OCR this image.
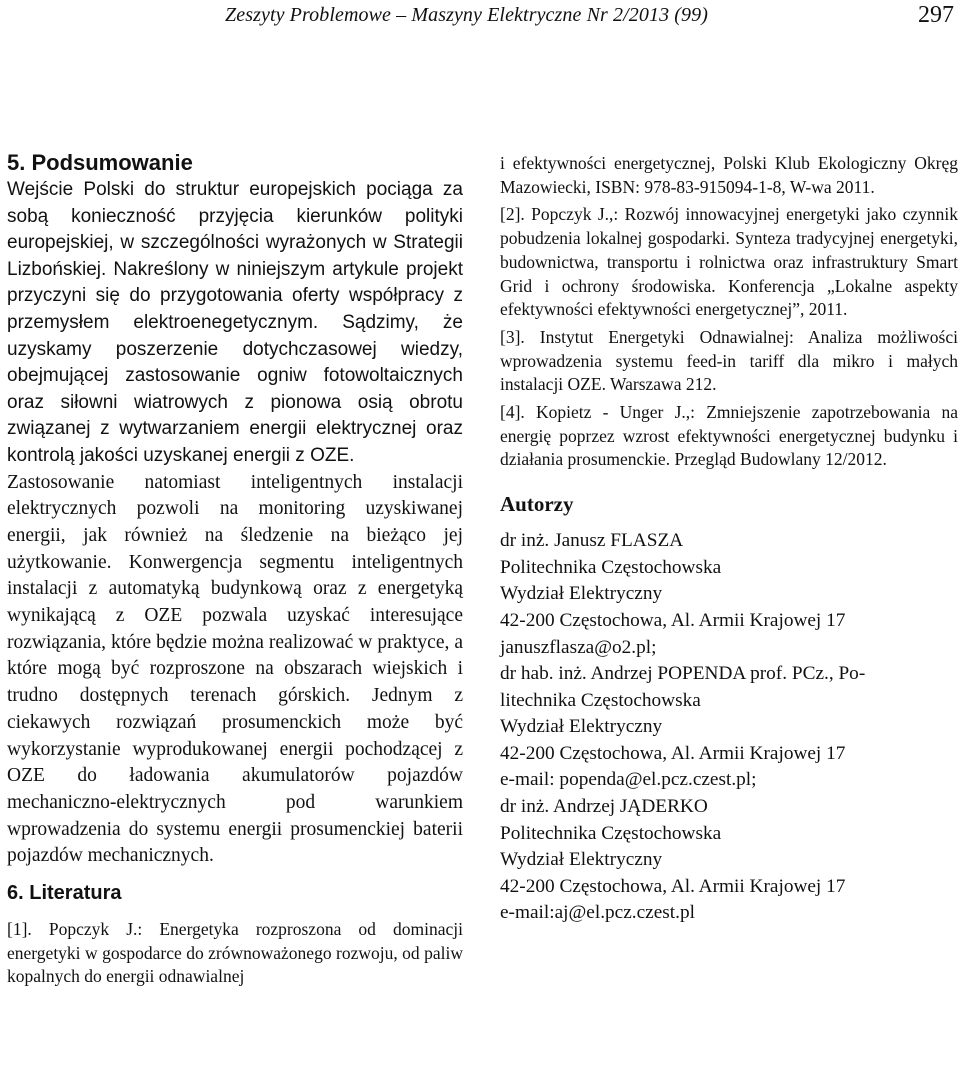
Zeszyty Problemowe – Maszyny Elektryczne Nr 2/2013 (99)	297
5. Podsumowanie

Wejście Polski do struktur europejskich pociąga za sobą konieczność przyjęcia kierunków polityki europejskiej, w szczególności wyrażonych w Strategii Lizbońskiej. Nakreślony w niniejszym artykule projekt przyczyni się do przygotowania oferty współpracy z przemysłem elektroenegetycznym. Sądzimy, że uzyskamy poszerzenie dotychczasowej wiedzy, obejmującej zastosowanie ogniw fotowoltaicznych oraz siłowni wiatrowych z pionowa osią obrotu związanej z wytwarzaniem energii elektrycznej oraz kontrolą jakości uzyskanej energii z OZE.

Zastosowanie natomiast inteligentnych instalacji elektrycznych pozwoli na monitoring uzyskiwanej energii, jak również na śledzenie na bieżąco jej użytkowanie. Konwergencja segmentu inteligentnych instalacji z automatyką budynkową oraz z energetyką wynikającą z OZE pozwala uzyskać interesujące rozwiązania, które będzie można realizować w praktyce, a które mogą być rozproszone na obszarach wiejskich i trudno dostępnych terenach górskich. Jednym z ciekawych rozwiązań prosumenckich może być wykorzystanie wyprodukowanej energii pochodzącej z OZE do ładowania akumulatorów pojazdów mechaniczno-elektrycznych pod warunkiem wprowadzenia do systemu energii prosumenckiej baterii pojazdów mechanicznych.

6. Literatura

[1]. Popczyk J.: Energetyka rozproszona od dominacji energetyki w gospodarce do zrównoważonego rozwoju, od paliw kopalnych do energii odnawialnej

i efektywności energetycznej, Polski Klub Ekologiczny Okręg Mazowiecki, ISBN: 978-83-915094-1-8, W-wa 2011.

[2]. Popczyk J.,: Rozwój innowacyjnej energetyki jako czynnik pobudzenia lokalnej gospodarki. Synteza tradycyjnej energetyki, budownictwa, transportu i rolnictwa oraz infrastruktury Smart Grid i ochrony środowiska. Konferencja „Lokalne aspekty efektywności efektywności energetycznej”, 2011.

[3]. Instytut Energetyki Odnawialnej: Analiza możliwości wprowadzenia systemu feed-in tariff dla mikro i małych instalacji OZE. Warszawa 212.

[4]. Kopietz - Unger J.,: Zmniejszenie zapotrzebowania na energię poprzez wzrost efektywności energetycznej budynku i działania prosumenckie. Przegląd Budowlany 12/2012.

Autorzy
dr inż. Janusz FLASZA
Politechnika Częstochowska
Wydział Elektryczny
42-200 Częstochowa, Al. Armii Krajowej 17
januszflasza@o2.pl;
dr hab. inż. Andrzej POPENDA prof. PCz., Po-
litechnika Częstochowska
Wydział Elektryczny
42-200 Częstochowa, Al. Armii Krajowej 17
e-mail: popenda@el.pcz.czest.pl;
dr inż. Andrzej JĄDERKO
Politechnika Częstochowska
Wydział Elektryczny
42-200 Częstochowa, Al. Armii Krajowej 17
e-mail:aj@el.pcz.czest.pl
